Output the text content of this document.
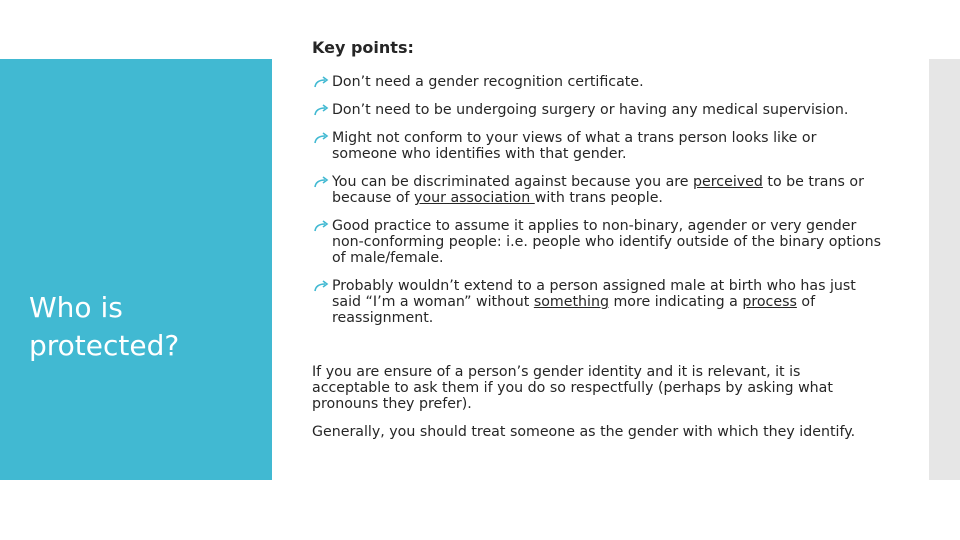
Who is protected?
Key points:
Don’t need a gender recognition certificate.
Don’t need to be undergoing surgery or having any medical supervision.
Might not conform to your views of what a trans person looks like or someone who identifies with that gender.
You can be discriminated against because you are perceived to be trans or because of your association with trans people.
Good practice to assume it applies to non-binary, agender or very gender non-conforming people: i.e. people who identify outside of the binary options of male/female.
Probably wouldn’t extend to a person assigned male at birth who has just said “I’m a woman” without something more indicating a process of reassignment.

If you are ensure of a person’s gender identity and it is relevant, it is acceptable to ask them if you do so respectfully (perhaps by asking what pronouns they prefer).

Generally, you should treat someone as the gender with which they identify.
